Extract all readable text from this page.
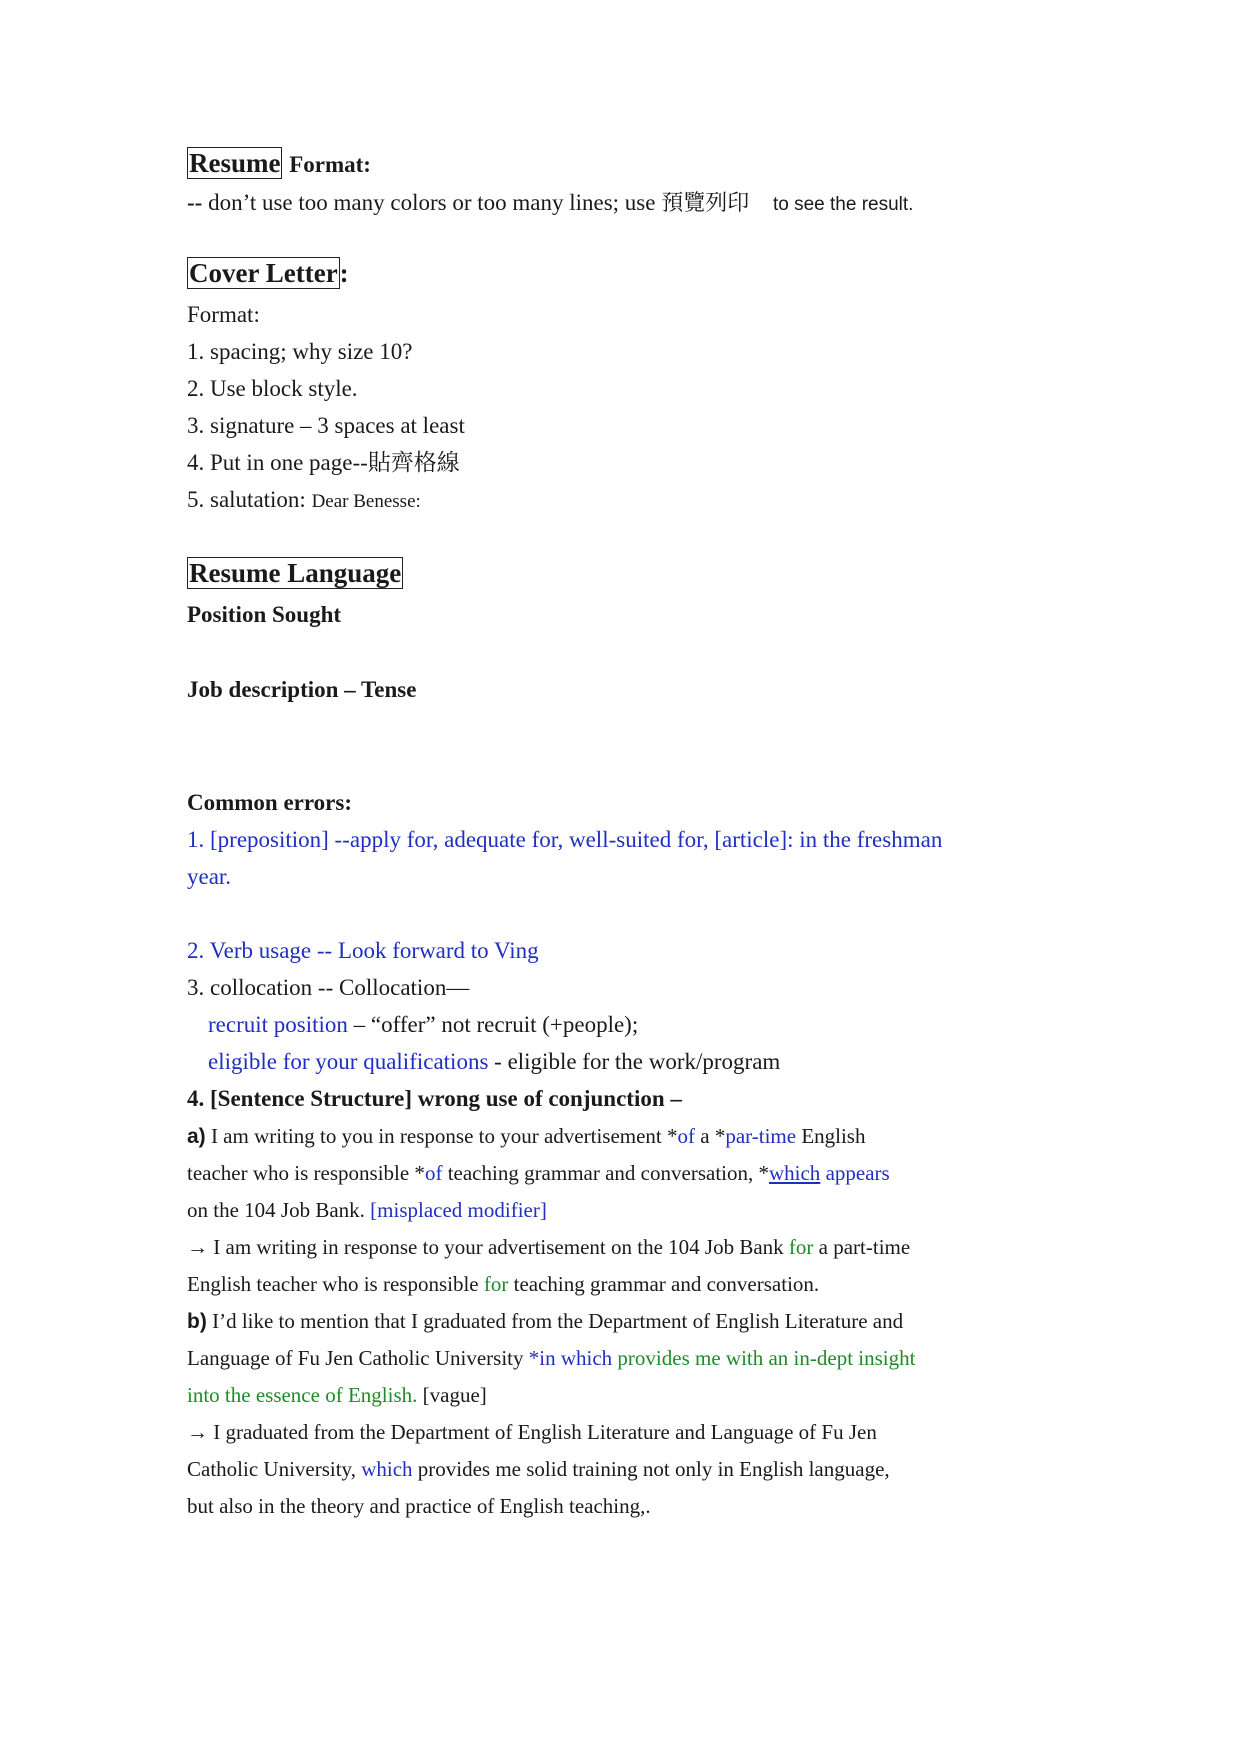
Resume Format:
-- don’t use too many colors or too many lines; use 預覽列印 to see the result.
Cover Letter:
Format:
1. spacing; why size 10?
2. Use block style.
3. signature – 3 spaces at least
4. Put in one page--貼齊格線
5. salutation: Dear Benesse:
Resume Language
Position Sought
Job description – Tense
Common errors:
1. [preposition] --apply for, adequate for, well-suited for, [article]: in the freshman
year.
2. Verb usage -- Look forward to Ving
3. collocation -- Collocation—
recruit position – “offer” not recruit (+people);
eligible for your qualifications - eligible for the work/program
4. [Sentence Structure] wrong use of conjunction –
a) I am writing to you in response to your advertisement *of a *par-time English
teacher who is responsible *of teaching grammar and conversation, *which appears
on the 104 Job Bank. [misplaced modifier]
→ I am writing in response to your advertisement on the 104 Job Bank for a part-time
English teacher who is responsible for teaching grammar and conversation.
b) I’d like to mention that I graduated from the Department of English Literature and
Language of Fu Jen Catholic University *in which provides me with an in-dept insight
into the essence of English. [vague]
→ I graduated from the Department of English Literature and Language of Fu Jen
Catholic University, which provides me solid training not only in English language,
but also in the theory and practice of English teaching,.
